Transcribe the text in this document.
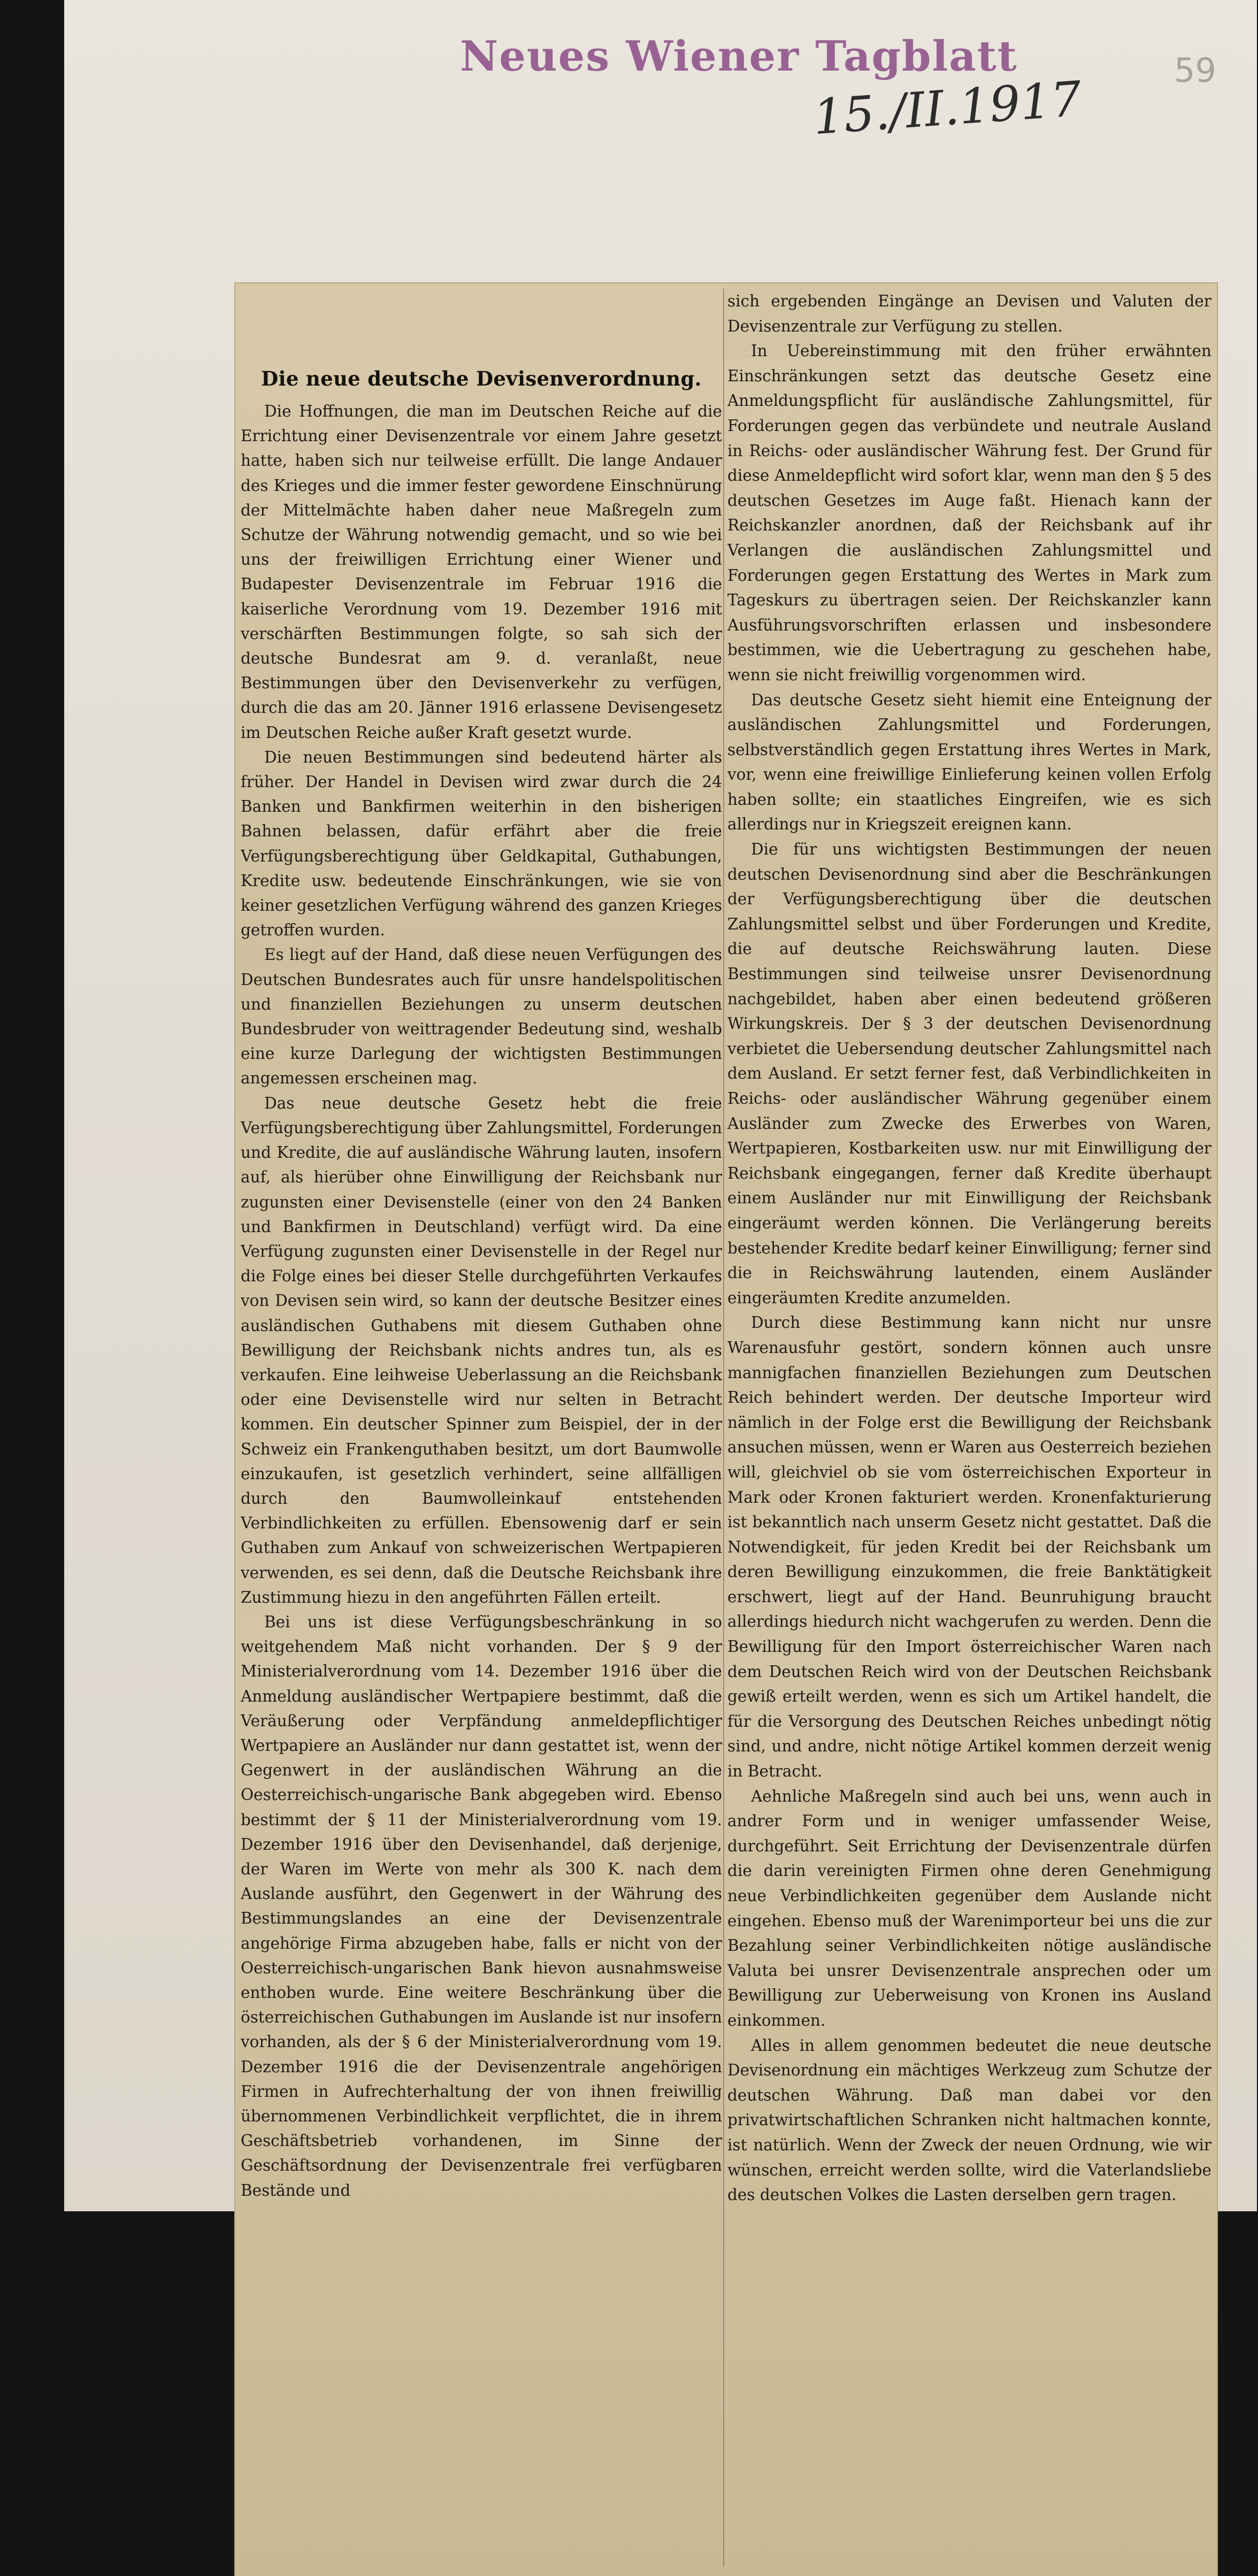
Neues Wiener Tagblatt
15./II.1917
59
Die neue deutsche Devisenverordnung.

Die Hoffnungen, die man im Deutschen Reiche auf die Errichtung einer Devisenzentrale vor einem Jahre gesetzt hatte, haben sich nur teilweise erfüllt. Die lange Andauer des Krieges und die immer fester gewordene Einschnürung der Mittelmächte haben daher neue Maßregeln zum Schutze der Währung notwendig gemacht, und so wie bei uns der freiwilligen Errichtung einer Wiener und Budapester Devisenzentrale im Februar 1916 die kaiserliche Verordnung vom 19. Dezember 1916 mit verschärften Bestimmungen folgte, so sah sich der deutsche Bundesrat am 9. d. veranlaßt, neue Bestimmungen über den Devisenverkehr zu verfügen, durch die das am 20. Jänner 1916 erlassene Devisengesetz im Deutschen Reiche außer Kraft gesetzt wurde.

Die neuen Bestimmungen sind bedeutend härter als früher. Der Handel in Devisen wird zwar durch die 24 Banken und Bankfirmen weiterhin in den bisherigen Bahnen belassen, dafür erfährt aber die freie Verfügungsberechtigung über Geldkapital, Guthabungen, Kredite usw. bedeutende Einschränkungen, wie sie von keiner gesetzlichen Verfügung während des ganzen Krieges getroffen wurden.

Es liegt auf der Hand, daß diese neuen Verfügungen des Deutschen Bundesrates auch für unsre handelspolitischen und finanziellen Beziehungen zu unserm deutschen Bundesbruder von weittragender Bedeutung sind, weshalb eine kurze Darlegung der wichtigsten Bestimmungen angemessen erscheinen mag.

Das neue deutsche Gesetz hebt die freie Verfügungsberechtigung über Zahlungsmittel, Forderungen und Kredite, die auf ausländische Währung lauten, insofern auf, als hierüber ohne Einwilligung der Reichsbank nur zugunsten einer Devisenstelle (einer von den 24 Banken und Bankfirmen in Deutschland) verfügt wird. Da eine Verfügung zugunsten einer Devisenstelle in der Regel nur die Folge eines bei dieser Stelle durchgeführten Verkaufes von Devisen sein wird, so kann der deutsche Besitzer eines ausländischen Guthabens mit diesem Guthaben ohne Bewilligung der Reichsbank nichts andres tun, als es verkaufen. Eine leihweise Ueberlassung an die Reichsbank oder eine Devisenstelle wird nur selten in Betracht kommen. Ein deutscher Spinner zum Beispiel, der in der Schweiz ein Frankenguthaben besitzt, um dort Baumwolle einzukaufen, ist gesetzlich verhindert, seine allfälligen durch den Baumwolleinkauf entstehenden Verbindlichkeiten zu erfüllen. Ebensowenig darf er sein Guthaben zum Ankauf von schweizerischen Wertpapieren verwenden, es sei denn, daß die Deutsche Reichsbank ihre Zustimmung hiezu in den angeführten Fällen erteilt.

Bei uns ist diese Verfügungsbeschränkung in so weitgehendem Maß nicht vorhanden. Der § 9 der Ministerialverordnung vom 14. Dezember 1916 über die Anmeldung ausländischer Wertpapiere bestimmt, daß die Veräußerung oder Verpfändung anmeldepflichtiger Wertpapiere an Ausländer nur dann gestattet ist, wenn der Gegenwert in der ausländischen Währung an die Oesterreichisch-ungarische Bank abgegeben wird. Ebenso bestimmt der § 11 der Ministerialverordnung vom 19. Dezember 1916 über den Devisenhandel, daß derjenige, der Waren im Werte von mehr als 300 K. nach dem Auslande ausführt, den Gegenwert in der Währung des Bestimmungslandes an eine der Devisenzentrale angehörige Firma abzugeben habe, falls er nicht von der Oesterreichisch-ungarischen Bank hievon ausnahmsweise enthoben wurde. Eine weitere Beschränkung über die österreichischen Guthabungen im Auslande ist nur insofern vorhanden, als der § 6 der Ministerialverordnung vom 19. Dezember 1916 die der Devisenzentrale angehörigen Firmen in Aufrechterhaltung der von ihnen freiwillig übernommenen Verbindlichkeit verpflichtet, die in ihrem Geschäftsbetrieb vorhandenen, im Sinne der Geschäftsordnung der Devisenzentrale frei verfügbaren Bestände und

sich ergebenden Eingänge an Devisen und Valuten der Devisenzentrale zur Verfügung zu stellen.

In Uebereinstimmung mit den früher erwähnten Einschränkungen setzt das deutsche Gesetz eine Anmeldungspflicht für ausländische Zahlungsmittel, für Forderungen gegen das verbündete und neutrale Ausland in Reichs- oder ausländischer Währung fest. Der Grund für diese Anmeldepflicht wird sofort klar, wenn man den § 5 des deutschen Gesetzes im Auge faßt. Hienach kann der Reichskanzler anordnen, daß der Reichsbank auf ihr Verlangen die ausländischen Zahlungsmittel und Forderungen gegen Erstattung des Wertes in Mark zum Tageskurs zu übertragen seien. Der Reichskanzler kann Ausführungsvorschriften erlassen und insbesondere bestimmen, wie die Uebertragung zu geschehen habe, wenn sie nicht freiwillig vorgenommen wird.

Das deutsche Gesetz sieht hiemit eine Enteignung der ausländischen Zahlungsmittel und Forderungen, selbstverständlich gegen Erstattung ihres Wertes in Mark, vor, wenn eine freiwillige Einlieferung keinen vollen Erfolg haben sollte; ein staatliches Eingreifen, wie es sich allerdings nur in Kriegszeit ereignen kann.

Die für uns wichtigsten Bestimmungen der neuen deutschen Devisenordnung sind aber die Beschränkungen der Verfügungsberechtigung über die deutschen Zahlungsmittel selbst und über Forderungen und Kredite, die auf deutsche Reichswährung lauten. Diese Bestimmungen sind teilweise unsrer Devisenordnung nachgebildet, haben aber einen bedeutend größeren Wirkungskreis. Der § 3 der deutschen Devisenordnung verbietet die Uebersendung deutscher Zahlungsmittel nach dem Ausland. Er setzt ferner fest, daß Verbindlichkeiten in Reichs- oder ausländischer Währung gegenüber einem Ausländer zum Zwecke des Erwerbes von Waren, Wertpapieren, Kostbarkeiten usw. nur mit Einwilligung der Reichsbank eingegangen, ferner daß Kredite überhaupt einem Ausländer nur mit Einwilligung der Reichsbank eingeräumt werden können. Die Verlängerung bereits bestehender Kredite bedarf keiner Einwilligung; ferner sind die in Reichswährung lautenden, einem Ausländer eingeräumten Kredite anzumelden.

Durch diese Bestimmung kann nicht nur unsre Warenausfuhr gestört, sondern können auch unsre mannigfachen finanziellen Beziehungen zum Deutschen Reich behindert werden. Der deutsche Importeur wird nämlich in der Folge erst die Bewilligung der Reichsbank ansuchen müssen, wenn er Waren aus Oesterreich beziehen will, gleichviel ob sie vom österreichischen Exporteur in Mark oder Kronen fakturiert werden. Kronenfakturierung ist bekanntlich nach unserm Gesetz nicht gestattet. Daß die Notwendigkeit, für jeden Kredit bei der Reichsbank um deren Bewilligung einzukommen, die freie Banktätigkeit erschwert, liegt auf der Hand. Beunruhigung braucht allerdings hiedurch nicht wachgerufen zu werden. Denn die Bewilligung für den Import österreichischer Waren nach dem Deutschen Reich wird von der Deutschen Reichsbank gewiß erteilt werden, wenn es sich um Artikel handelt, die für die Versorgung des Deutschen Reiches unbedingt nötig sind, und andre, nicht nötige Artikel kommen derzeit wenig in Betracht.

Aehnliche Maßregeln sind auch bei uns, wenn auch in andrer Form und in weniger umfassender Weise, durchgeführt. Seit Errichtung der Devisenzentrale dürfen die darin vereinigten Firmen ohne deren Genehmigung neue Verbindlichkeiten gegenüber dem Auslande nicht eingehen. Ebenso muß der Warenimporteur bei uns die zur Bezahlung seiner Verbindlichkeiten nötige ausländische Valuta bei unsrer Devisenzentrale ansprechen oder um Bewilligung zur Ueberweisung von Kronen ins Ausland einkommen.

Alles in allem genommen bedeutet die neue deutsche Devisenordnung ein mächtiges Werkzeug zum Schutze der deutschen Währung. Daß man dabei vor den privatwirtschaftlichen Schranken nicht haltmachen konnte, ist natürlich. Wenn der Zweck der neuen Ordnung, wie wir wünschen, erreicht werden sollte, wird die Vaterlandsliebe des deutschen Volkes die Lasten derselben gern tragen.
